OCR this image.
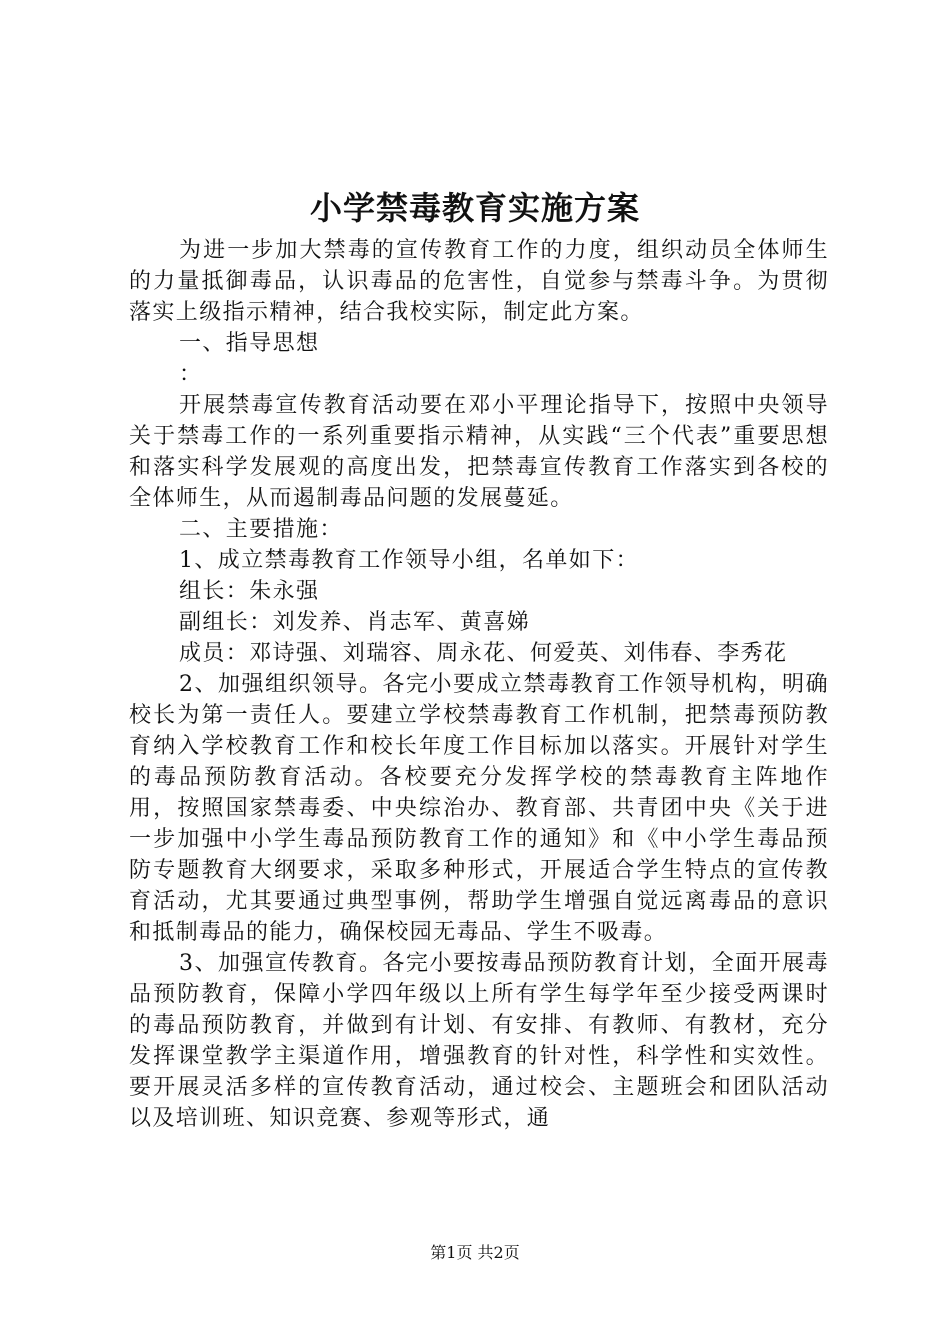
小学禁毒教育实施方案

为进一步加大禁毒的宣传教育工作的力度，组织动员全体师生的力量抵御毒品，认识毒品的危害性，自觉参与禁毒斗争。为贯彻落实上级指示精神，结合我校实际，制定此方案。

一、指导思想

：

开展禁毒宣传教育活动要在邓小平理论指导下，按照中央领导关于禁毒工作的一系列重要指示精神，从实践“三个代表”重要思想和落实科学发展观的高度出发，把禁毒宣传教育工作落实到各校的全体师生，从而遏制毒品问题的发展蔓延。

二、主要措施：

1、成立禁毒教育工作领导小组，名单如下：

组长：朱永强

副组长：刘发养、肖志军、黄喜娣

成员：邓诗强、刘瑞容、周永花、何爱英、刘伟春、李秀花

2、加强组织领导。各完小要成立禁毒教育工作领导机构，明确校长为第一责任人。要建立学校禁毒教育工作机制，把禁毒预防教育纳入学校教育工作和校长年度工作目标加以落实。开展针对学生的毒品预防教育活动。各校要充分发挥学校的禁毒教育主阵地作用，按照国家禁毒委、中央综治办、教育部、共青团中央《关于进一步加强中小学生毒品预防教育工作的通知》和《中小学生毒品预防专题教育大纲要求，采取多种形式，开展适合学生特点的宣传教育活动，尤其要通过典型事例，帮助学生增强自觉远离毒品的意识和抵制毒品的能力，确保校园无毒品、学生不吸毒。

3、加强宣传教育。各完小要按毒品预防教育计划，全面开展毒品预防教育，保障小学四年级以上所有学生每学年至少接受两课时的毒品预防教育，并做到有计划、有安排、有教师、有教材，充分发挥课堂教学主渠道作用，增强教育的针对性，科学性和实效性。要开展灵活多样的宣传教育活动，通过校会、主题班会和团队活动以及培训班、知识竞赛、参观等形式，通

第1页 共2页
